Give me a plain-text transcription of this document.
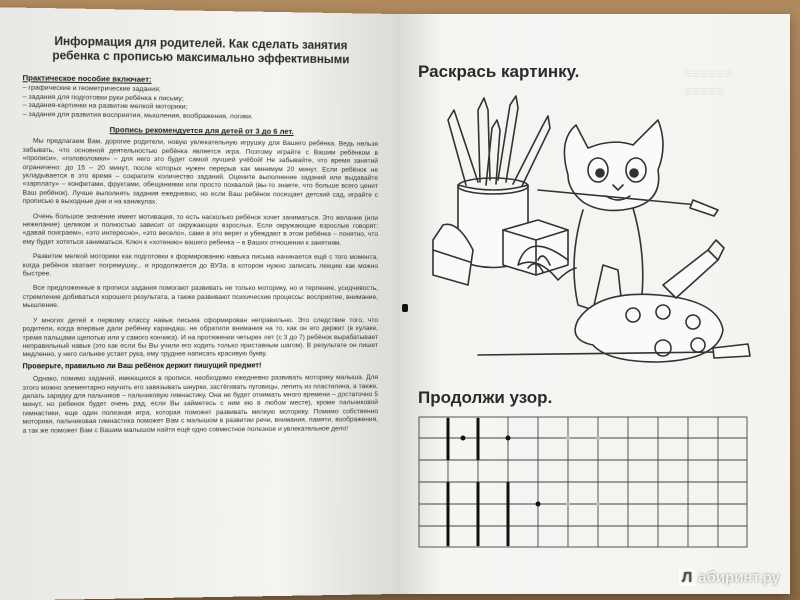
Информация для родителей. Как сделать занятия ребенка с прописью максимально эффективными
Практическое пособие включает:
– графические и геометрические задания;
– задания для подготовки руки ребёнка к письму;
– задания-картинки на развитие мелкой моторики;
– задания для развития восприятия, мышления, воображения, логики.
Пропись рекомендуется для детей от 3 до 6 лет.

Мы предлагаем Вам, дорогие родители, новую увлекательную игрушку для Вашего ребёнка. Ведь нельзя забывать, что основной деятельностью ребёнка является игра. Поэтому играйте с Вашим ребёнком в «прописи», «головоломки» – для него это будет самой лучшей учёбой! Не забывайте, что время занятий ограничено: до 15 – 20 минут, после которых нужен перерыв как минимум 20 минут. Если ребёнок не укладывается в это время – сократите количество заданий. Оцените выполнение заданий или выдавайте «зарплату» – конфетами, фруктами, обещаниями или просто похвалой (вы-то знаете, что больше всего ценит Ваш ребёнок). Лучше выполнять задания ежедневно, но если Ваш ребёнок посещает детский сад, играйте с прописью в выходные дни и на каникулах.

Очень большое значение имеет мотивация, то есть насколько ребёнок хочет заниматься. Это желание (или нежелание) целиком и полностью зависит от окружающих взрослых. Если окружающие взрослые говорят: «давай поиграем», «это интересно», «это весело», сами в это верят и убеждают в этом ребёнка – понятно, что ему будет хотеться заниматься. Ключ к «хотению» вашего ребенка – в Ваших отношении к занятиям.

Развитие мелкой моторики как подготовки к формированию навыка письма начинается ещё с того момента, когда ребёнок хватает погремушку... и продолжается до ВУЗа, в котором нужно записать лекцию как можно быстрее.

Все предложенные в прописи задания помогают развивать не только моторику, но и терпение, усидчивость, стремление добиваться хорошего результата, а также развивают психические процессы: восприятие, внимание, мышление.

У многих детей к первому классу навык письма сформирован неправильно. Это следствие того, что родители, когда впервые дали ребёнку карандаш, не обратили внимания на то, как он его держит (в кулаке, тремя пальцами щепотью или у самого кончика). И на протяжении четырех лет (с 3 до 7) ребёнок вырабатывает неправильный навык (это как если бы Вы учили его ходить только приставным шагом). В результате он пишет медленно, у него сильнее устает рука, ему труднее написать красивую букву.

Проверьте, правильно ли Ваш ребёнок держит пишущий предмет!

Однако, помимо заданий, имеющихся в прописи, необходимо ежедневно развивать моторику малыша. Для этого можно элементарно научить его завязывать шнурки, застёгивать пуговицы, лепить из пластилина, а также, делать зарядку для пальчиков – пальчиковую гимнастику. Она не будет отнимать много времени – достаточно 5 минут, но ребенок будет очень рад, если Вы займетесь с ним ею в любом месте), кроме пальчиковой гимнастики, еще один полезная игра, которая поможет развивать мелкую моторику. Помимо собственно моторики, пальчиковая гимнастика поможет Вам с малышом в развитии речи, внимания, памяти, воображения, а так же поможет Вам с Вашим малышом найти ещё одно совместное полезное и увлекательное дело!

≡≡≡≡≡≡
≡≡≡≡≡
Раскрась картинку.
Продолжи узор.
Л абиринт.ру
